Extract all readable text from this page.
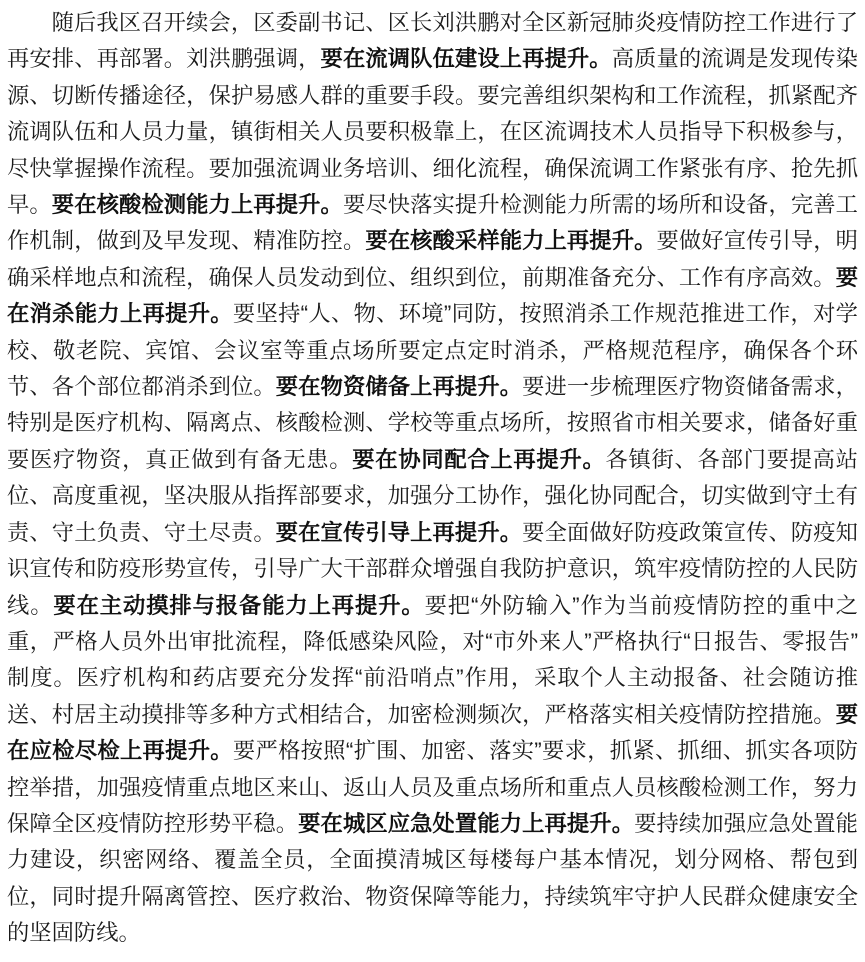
随后我区召开续会，区委副书记、区长刘洪鹏对全区新冠肺炎疫情防控工作进行了再安排、再部署。刘洪鹏强调，要在流调队伍建设上再提升。高质量的流调是发现传染源、切断传播途径，保护易感人群的重要手段。要完善组织架构和工作流程，抓紧配齐流调队伍和人员力量，镇街相关人员要积极靠上，在区流调技术人员指导下积极参与，尽快掌握操作流程。要加强流调业务培训、细化流程，确保流调工作紧张有序、抢先抓早。要在核酸检测能力上再提升。要尽快落实提升检测能力所需的场所和设备，完善工作机制，做到及早发现、精准防控。要在核酸采样能力上再提升。要做好宣传引导，明确采样地点和流程，确保人员发动到位、组织到位，前期准备充分、工作有序高效。要在消杀能力上再提升。要坚持“人、物、环境”同防，按照消杀工作规范推进工作，对学校、敬老院、宾馆、会议室等重点场所要定点定时消杀，严格规范程序，确保各个环节、各个部位都消杀到位。要在物资储备上再提升。要进一步梳理医疗物资储备需求，特别是医疗机构、隔离点、核酸检测、学校等重点场所，按照省市相关要求，储备好重要医疗物资，真正做到有备无患。要在协同配合上再提升。各镇街、各部门要提高站位、高度重视，坚决服从指挥部要求，加强分工协作，强化协同配合，切实做到守土有责、守土负责、守土尽责。要在宣传引导上再提升。要全面做好防疫政策宣传、防疫知识宣传和防疫形势宣传，引导广大干部群众增强自我防护意识，筑牢疫情防控的人民防线。要在主动摸排与报备能力上再提升。要把“外防输入”作为当前疫情防控的重中之重，严格人员外出审批流程，降低感染风险，对“市外来人”严格执行“日报告、零报告”制度。医疗机构和药店要充分发挥“前沿哨点”作用，采取个人主动报备、社会随访推送、村居主动摸排等多种方式相结合，加密检测频次，严格落实相关疫情防控措施。要在应检尽检上再提升。要严格按照“扩围、加密、落实”要求，抓紧、抓细、抓实各项防控举措，加强疫情重点地区来山、返山人员及重点场所和重点人员核酸检测工作，努力保障全区疫情防控形势平稳。要在城区应急处置能力上再提升。要持续加强应急处置能力建设，织密网络、覆盖全员，全面摸清城区每楼每户基本情况，划分网格、帮包到位，同时提升隔离管控、医疗救治、物资保障等能力，持续筑牢守护人民群众健康安全的坚固防线。
